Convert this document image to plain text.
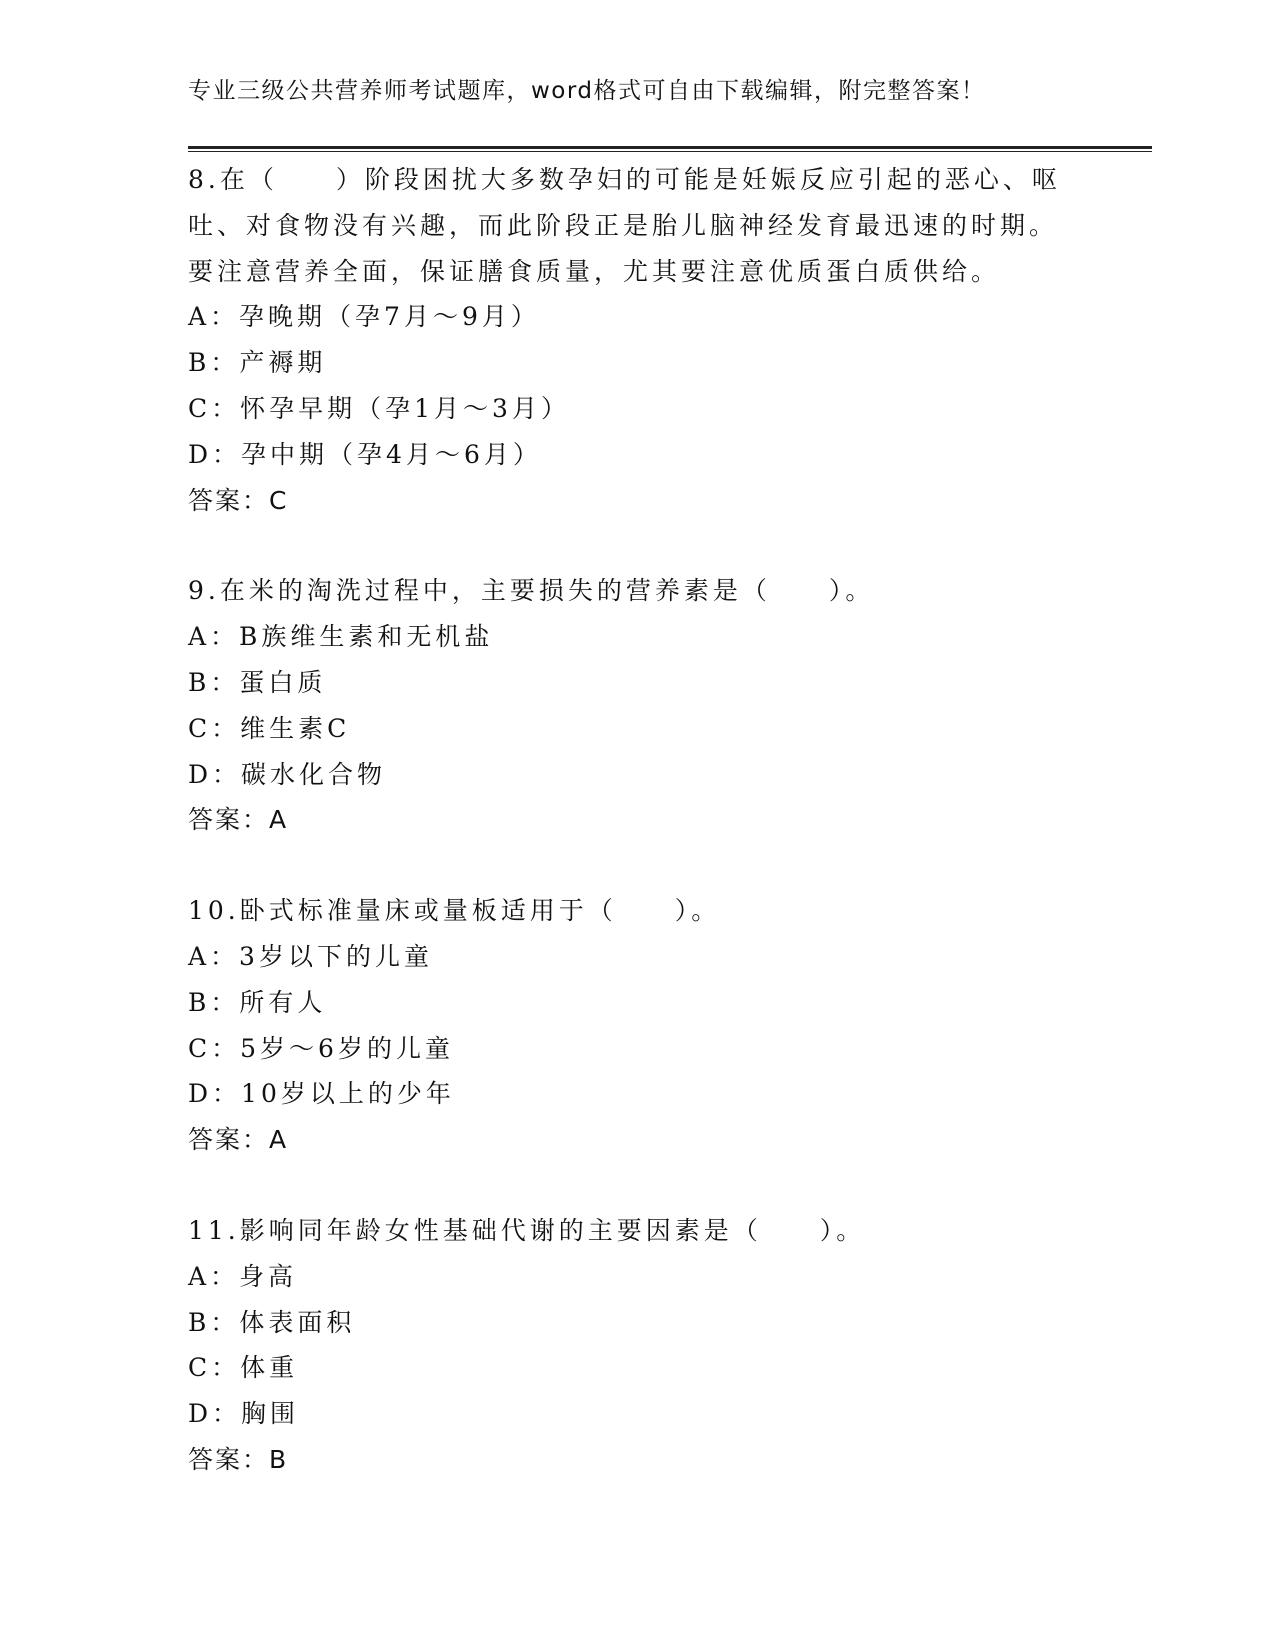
专业三级公共营养师考试题库，word格式可自由下载编辑，附完整答案！
8.在（　　）阶段困扰大多数孕妇的可能是妊娠反应引起的恶心、呕
吐、对食物没有兴趣，而此阶段正是胎儿脑神经发育最迅速的时期。
要注意营养全面，保证膳食质量，尤其要注意优质蛋白质供给。
A：孕晚期（孕7月～9月）
B：产褥期
C：怀孕早期（孕1月～3月）
D：孕中期（孕4月～6月）
答案：C
9.在米的淘洗过程中，主要损失的营养素是（　　）。
A：B族维生素和无机盐
B：蛋白质
C：维生素C
D：碳水化合物
答案：A
10.卧式标准量床或量板适用于（　　）。
A：3岁以下的儿童
B：所有人
C：5岁～6岁的儿童
D：10岁以上的少年
答案：A
11.影响同年龄女性基础代谢的主要因素是（　　）。
A：身高
B：体表面积
C：体重
D：胸围
答案：B
